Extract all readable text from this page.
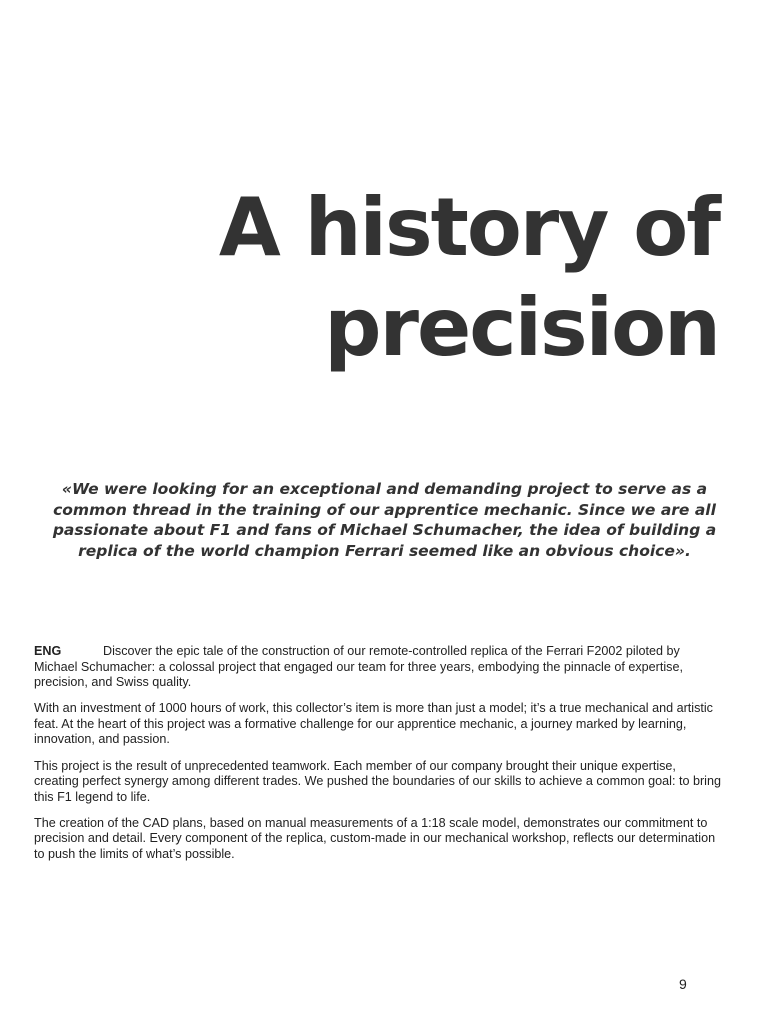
A history of
precision

«We were looking for an exceptional and demanding project to serve as a common thread in the training of our apprentice mechanic. Since we are all passionate about F1 and fans of Michael Schumacher, the idea of building a replica of the world champion Ferrari seemed like an obvious choice».

ENG	Discover the epic tale of the construction of our remote-controlled replica of the Ferrari F2002 piloted by Michael Schumacher: a colossal project that engaged our team for three years, embodying the pinnacle of expertise, precision, and Swiss quality.

With an investment of 1000 hours of work, this collector’s item is more than just a model; it’s a true mechanical and artistic feat. At the heart of this project was a formative challenge for our apprentice mechanic, a journey marked by learning, innovation, and passion.

This project is the result of unprecedented teamwork. Each member of our company brought their unique expertise, creating perfect synergy among different trades. We pushed the boundaries of our skills to achieve a common goal: to bring this F1 legend to life.

The creation of the CAD plans, based on manual measurements of a 1:18 scale model, demonstrates our commitment to precision and detail. Every component of the replica, custom-made in our mechanical workshop, reflects our determination to push the limits of what’s possible.

9
